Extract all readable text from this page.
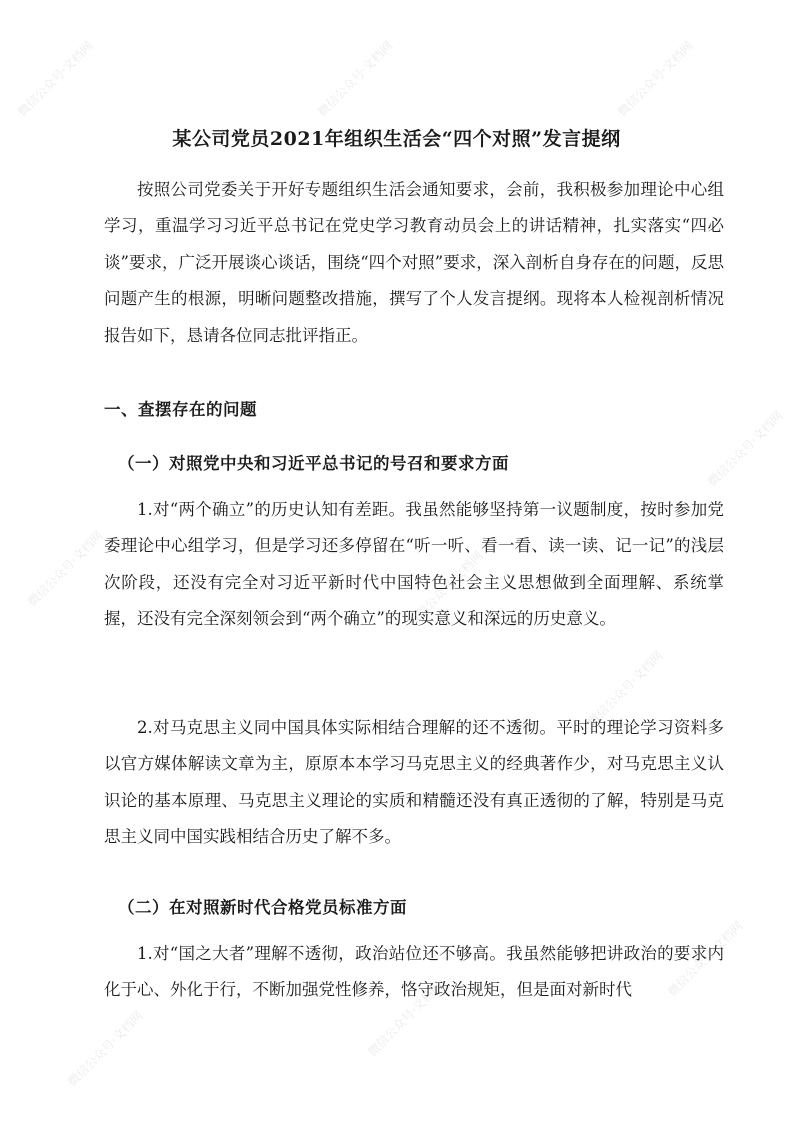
某公司党员2021年组织生活会“四个对照”发言提纲

按照公司党委关于开好专题组织生活会通知要求，会前，我积极参加理论中心组学习，重温学习习近平总书记在党史学习教育动员会上的讲话精神，扎实落实“四必谈”要求，广泛开展谈心谈话，围绕“四个对照”要求，深入剖析自身存在的问题，反思问题产生的根源，明晰问题整改措施，撰写了个人发言提纲。现将本人检视剖析情况报告如下，恳请各位同志批评指正。

一、查摆存在的问题
（一）对照党中央和习近平总书记的号召和要求方面

1.对“两个确立”的历史认知有差距。我虽然能够坚持第一议题制度，按时参加党委理论中心组学习，但是学习还多停留在“听一听、看一看、读一读、记一记”的浅层次阶段，还没有完全对习近平新时代中国特色社会主义思想做到全面理解、系统掌握，还没有完全深刻领会到“两个确立”的现实意义和深远的历史意义。

2.对马克思主义同中国具体实际相结合理解的还不透彻。平时的理论学习资料多以官方媒体解读文章为主，原原本本学习马克思主义的经典著作少，对马克思主义认识论的基本原理、马克思主义理论的实质和精髓还没有真正透彻的了解，特别是马克思主义同中国实践相结合历史了解不多。

（二）在对照新时代合格党员标准方面

1.对“国之大者”理解不透彻，政治站位还不够高。我虽然能够把讲政治的要求内化于心、外化于行，不断加强党性修养，恪守政治规矩，但是面对新时代

微信公众号·文档网	微信公众号·文档网	微信公众号·文档网
微信公众号·文档网
微信公众号·文档网	微信公众号·文档网
微信公众号·文档网
微信公众号·文档网
微信公众号·文档网	微信公众号·文档网
